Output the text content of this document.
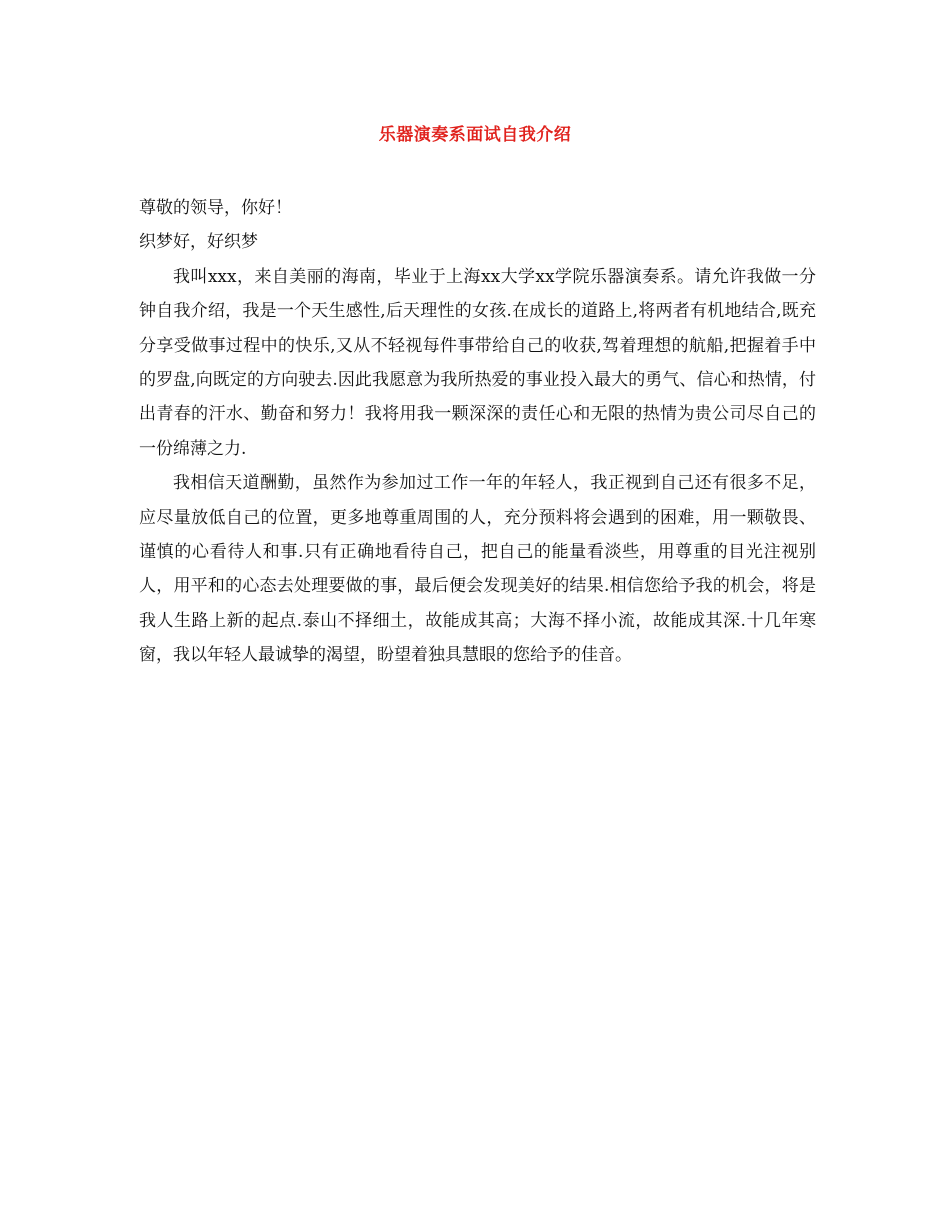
乐器演奏系面试自我介绍

尊敬的领导，你好！

织梦好，好织梦

我叫xxx，来自美丽的海南，毕业于上海xx大学xx学院乐器演奏系。请允许我做一分钟自我介绍，我是一个天生感性,后天理性的女孩.在成长的道路上,将两者有机地结合,既充分享受做事过程中的快乐,又从不轻视每件事带给自己的收获,驾着理想的航船,把握着手中的罗盘,向既定的方向驶去.因此我愿意为我所热爱的事业投入最大的勇气、信心和热情，付出青春的汗水、勤奋和努力！我将用我一颗深深的责任心和无限的热情为贵公司尽自己的一份绵薄之力.

我相信天道酬勤，虽然作为参加过工作一年的年轻人，我正视到自己还有很多不足，应尽量放低自己的位置，更多地尊重周围的人，充分预料将会遇到的困难，用一颗敬畏、谨慎的心看待人和事.只有正确地看待自己，把自己的能量看淡些，用尊重的目光注视别人，用平和的心态去处理要做的事，最后便会发现美好的结果.相信您给予我的机会，将是我人生路上新的起点.泰山不择细土，故能成其高；大海不择小流，故能成其深.十几年寒窗，我以年轻人最诚挚的渴望，盼望着独具慧眼的您给予的佳音。
